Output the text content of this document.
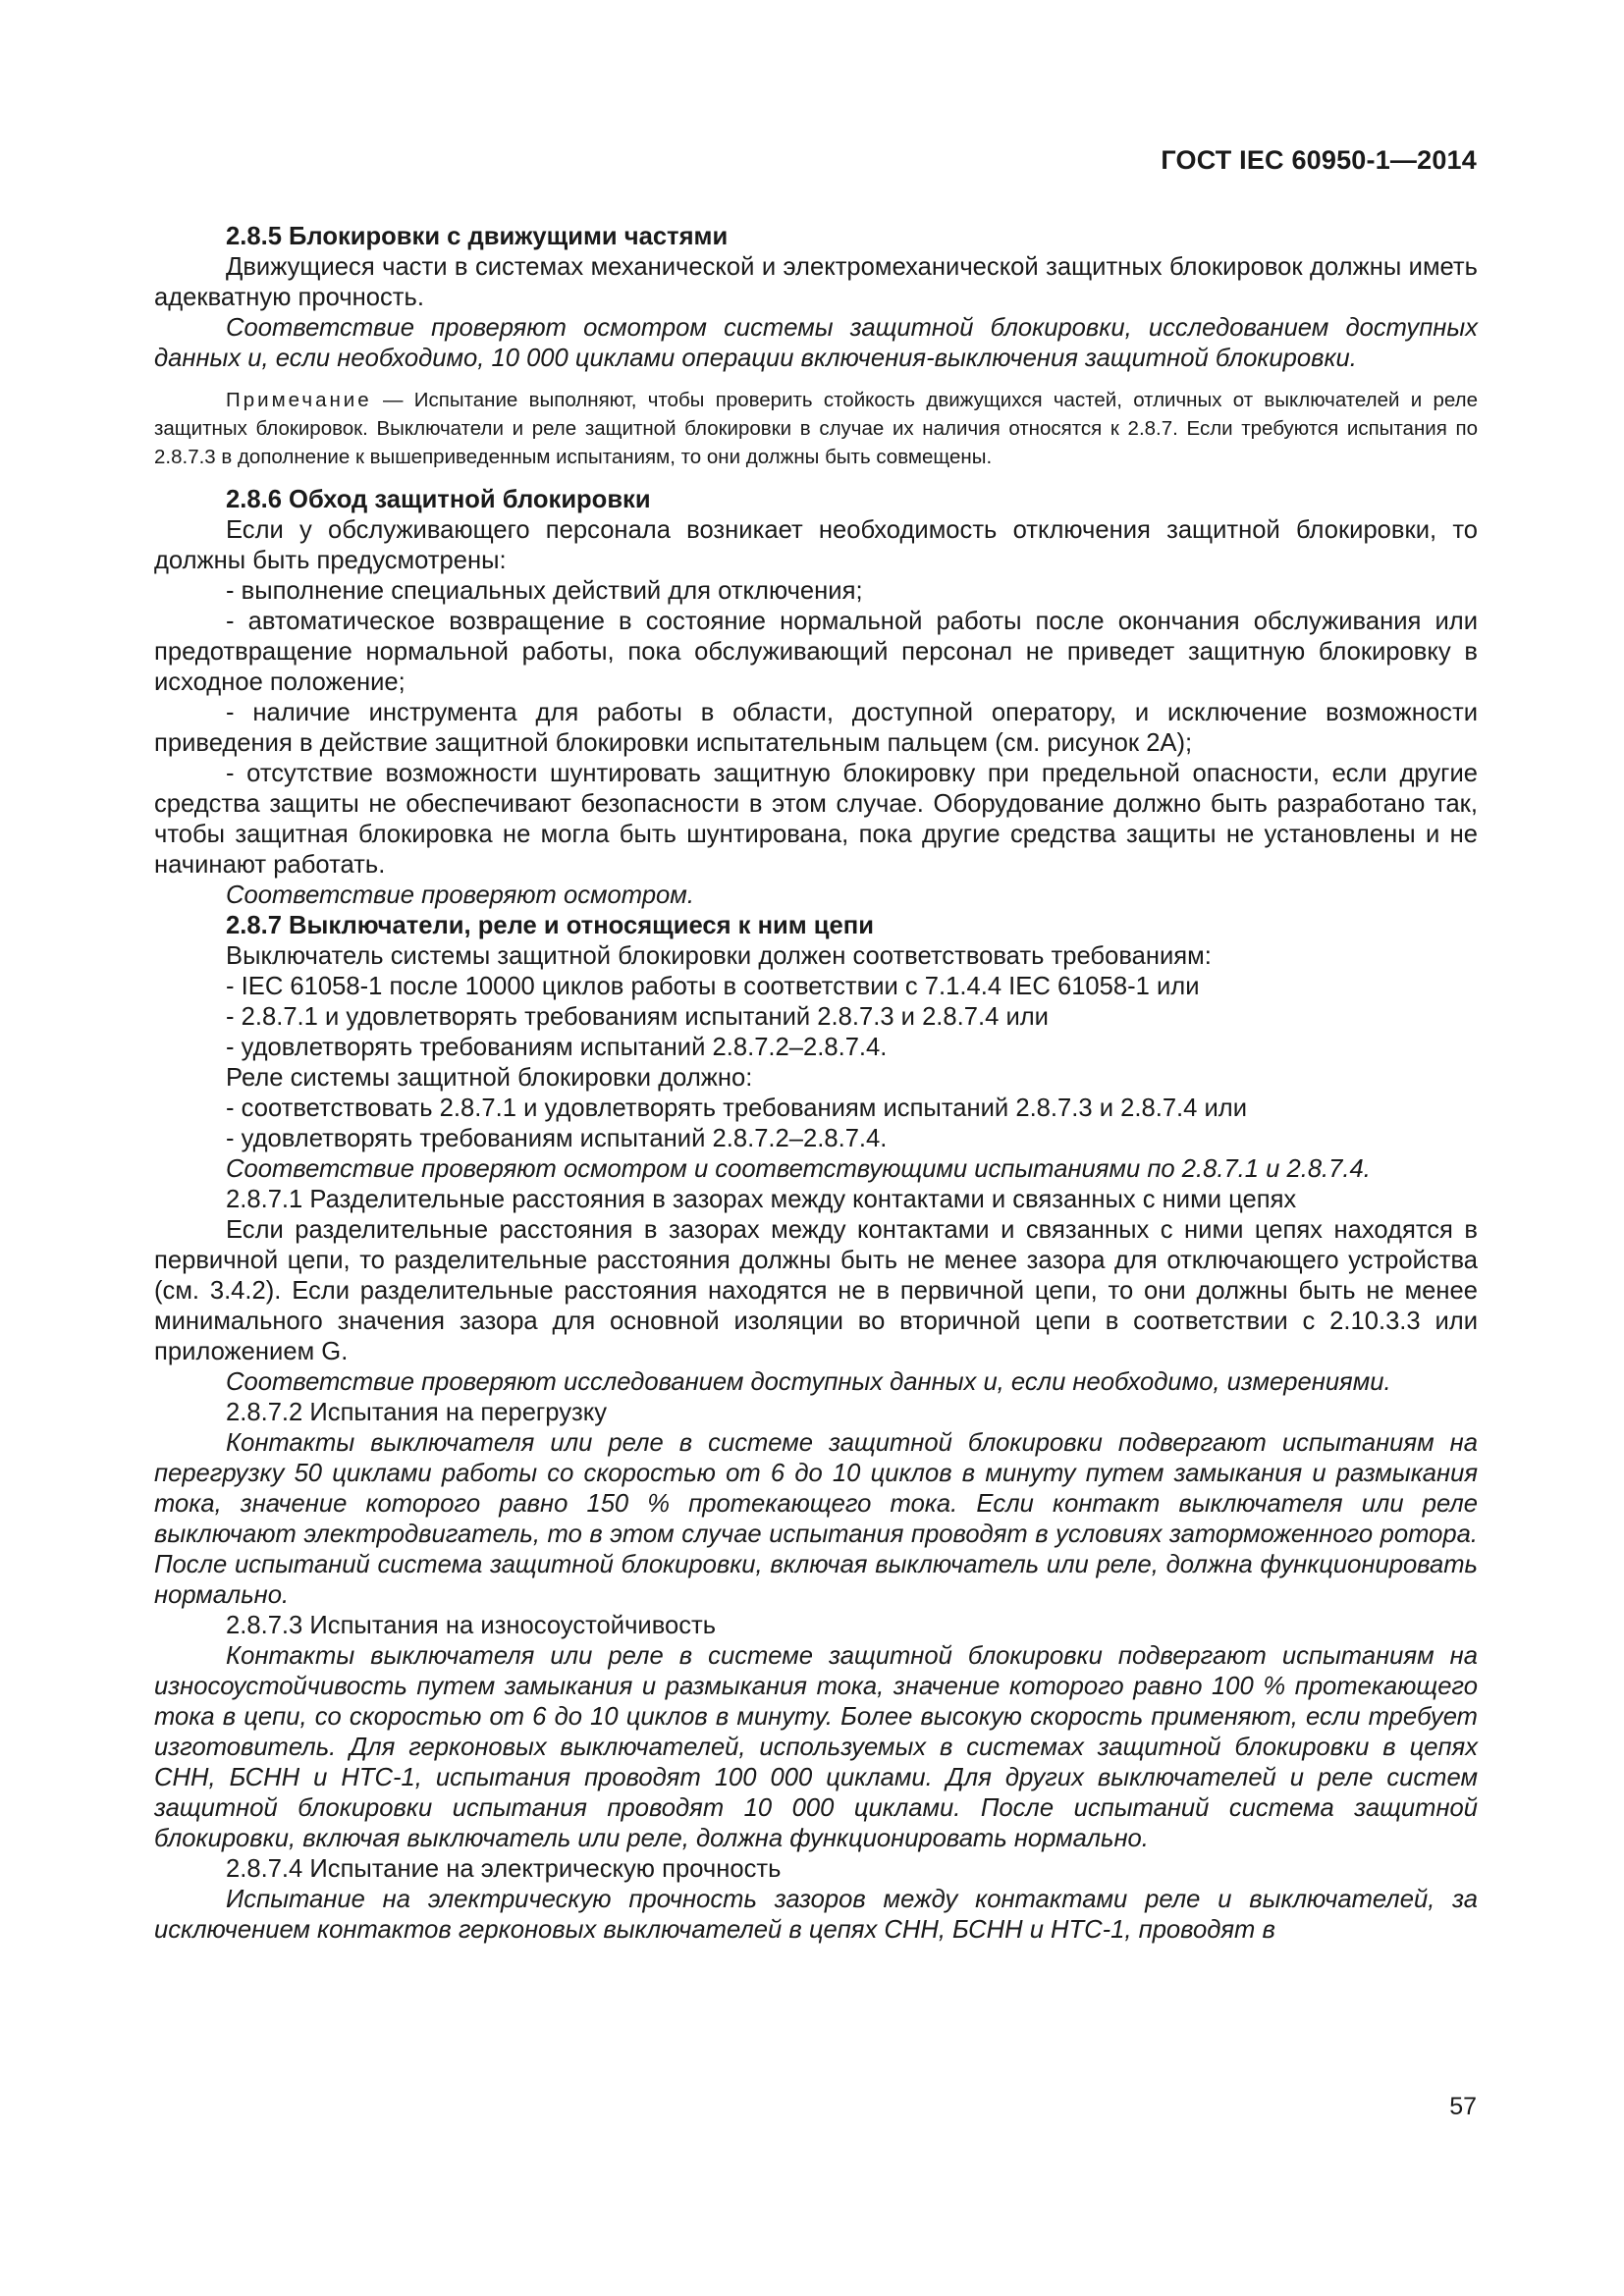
ГОСТ IEC 60950-1—2014

2.8.5 Блокировки с движущими частями

Движущиеся части в системах механической и электромеханической защитных блокировок должны иметь адекватную прочность.

Соответствие проверяют осмотром системы защитной блокировки, исследованием доступных данных и, если необходимо, 10 000 циклами операции включения-выключения защитной блокировки.

Примечание — Испытание выполняют, чтобы проверить стойкость движущихся частей, отличных от выключателей и реле защитных блокировок. Выключатели и реле защитной блокировки в случае их наличия относятся к 2.8.7. Если требуются испытания по 2.8.7.3 в дополнение к вышеприведенным испытаниям, то они должны быть совмещены.

2.8.6 Обход защитной блокировки

Если у обслуживающего персонала возникает необходимость отключения защитной блокировки, то должны быть предусмотрены:

- выполнение специальных действий для отключения;

- автоматическое возвращение в состояние нормальной работы после окончания обслуживания или предотвращение нормальной работы, пока обслуживающий персонал не приведет защитную блокировку в исходное положение;

- наличие инструмента для работы в области, доступной оператору, и исключение возможности приведения в действие защитной блокировки испытательным пальцем (см. рисунок 2А);

- отсутствие возможности шунтировать защитную блокировку при предельной опасности, если другие средства защиты не обеспечивают безопасности в этом случае. Оборудование должно быть разработано так, чтобы защитная блокировка не могла быть шунтирована, пока другие средства защиты не установлены и не начинают работать.

Соответствие проверяют осмотром.

2.8.7 Выключатели, реле и относящиеся к ним цепи

Выключатель системы защитной блокировки должен соответствовать требованиям:

- IEC 61058-1 после 10000 циклов работы в соответствии с 7.1.4.4 IEC 61058-1 или

- 2.8.7.1 и удовлетворять требованиям испытаний 2.8.7.3 и 2.8.7.4 или

- удовлетворять требованиям испытаний 2.8.7.2–2.8.7.4.

Реле системы защитной блокировки должно:

- соответствовать 2.8.7.1 и удовлетворять требованиям испытаний 2.8.7.3 и 2.8.7.4 или

- удовлетворять требованиям испытаний 2.8.7.2–2.8.7.4.

Соответствие проверяют осмотром и соответствующими испытаниями по 2.8.7.1 и 2.8.7.4.

2.8.7.1 Разделительные расстояния в зазорах между контактами и связанных с ними цепях

Если разделительные расстояния в зазорах между контактами и связанных с ними цепях находятся в первичной цепи, то разделительные расстояния должны быть не менее зазора для отключающего устройства (см. 3.4.2). Если разделительные расстояния находятся не в первичной цепи, то они должны быть не менее минимального значения зазора для основной изоляции во вторичной цепи в соответствии с 2.10.3.3 или приложением G.

Соответствие проверяют исследованием доступных данных и, если необходимо, измерениями.

2.8.7.2 Испытания на перегрузку

Контакты выключателя или реле в системе защитной блокировки подвергают испытаниям на перегрузку 50 циклами работы со скоростью от 6 до 10 циклов в минуту путем замыкания и размыкания тока, значение которого равно 150 % протекающего тока. Если контакт выключателя или реле выключают электродвигатель, то в этом случае испытания проводят в условиях заторможенного ротора. После испытаний система защитной блокировки, включая выключатель или реле, должна функционировать нормально.

2.8.7.3 Испытания на износоустойчивость

Контакты выключателя или реле в системе защитной блокировки подвергают испытаниям на износоустойчивость путем замыкания и размыкания тока, значение которого равно 100 % протекающего тока в цепи, со скоростью от 6 до 10 циклов в минуту. Более высокую скорость применяют, если требует изготовитель. Для герконовых выключателей, используемых в системах защитной блокировки в цепях СНН, БСНН и НТС-1, испытания проводят 100 000 циклами. Для других выключателей и реле систем защитной блокировки испытания проводят 10 000 циклами. После испытаний система защитной блокировки, включая выключатель или реле, должна функционировать нормально.

2.8.7.4 Испытание на электрическую прочность

Испытание на электрическую прочность зазоров между контактами реле и выключателей, за исключением контактов герконовых выключателей в цепях СНН, БСНН и НТС-1, проводят в

57
